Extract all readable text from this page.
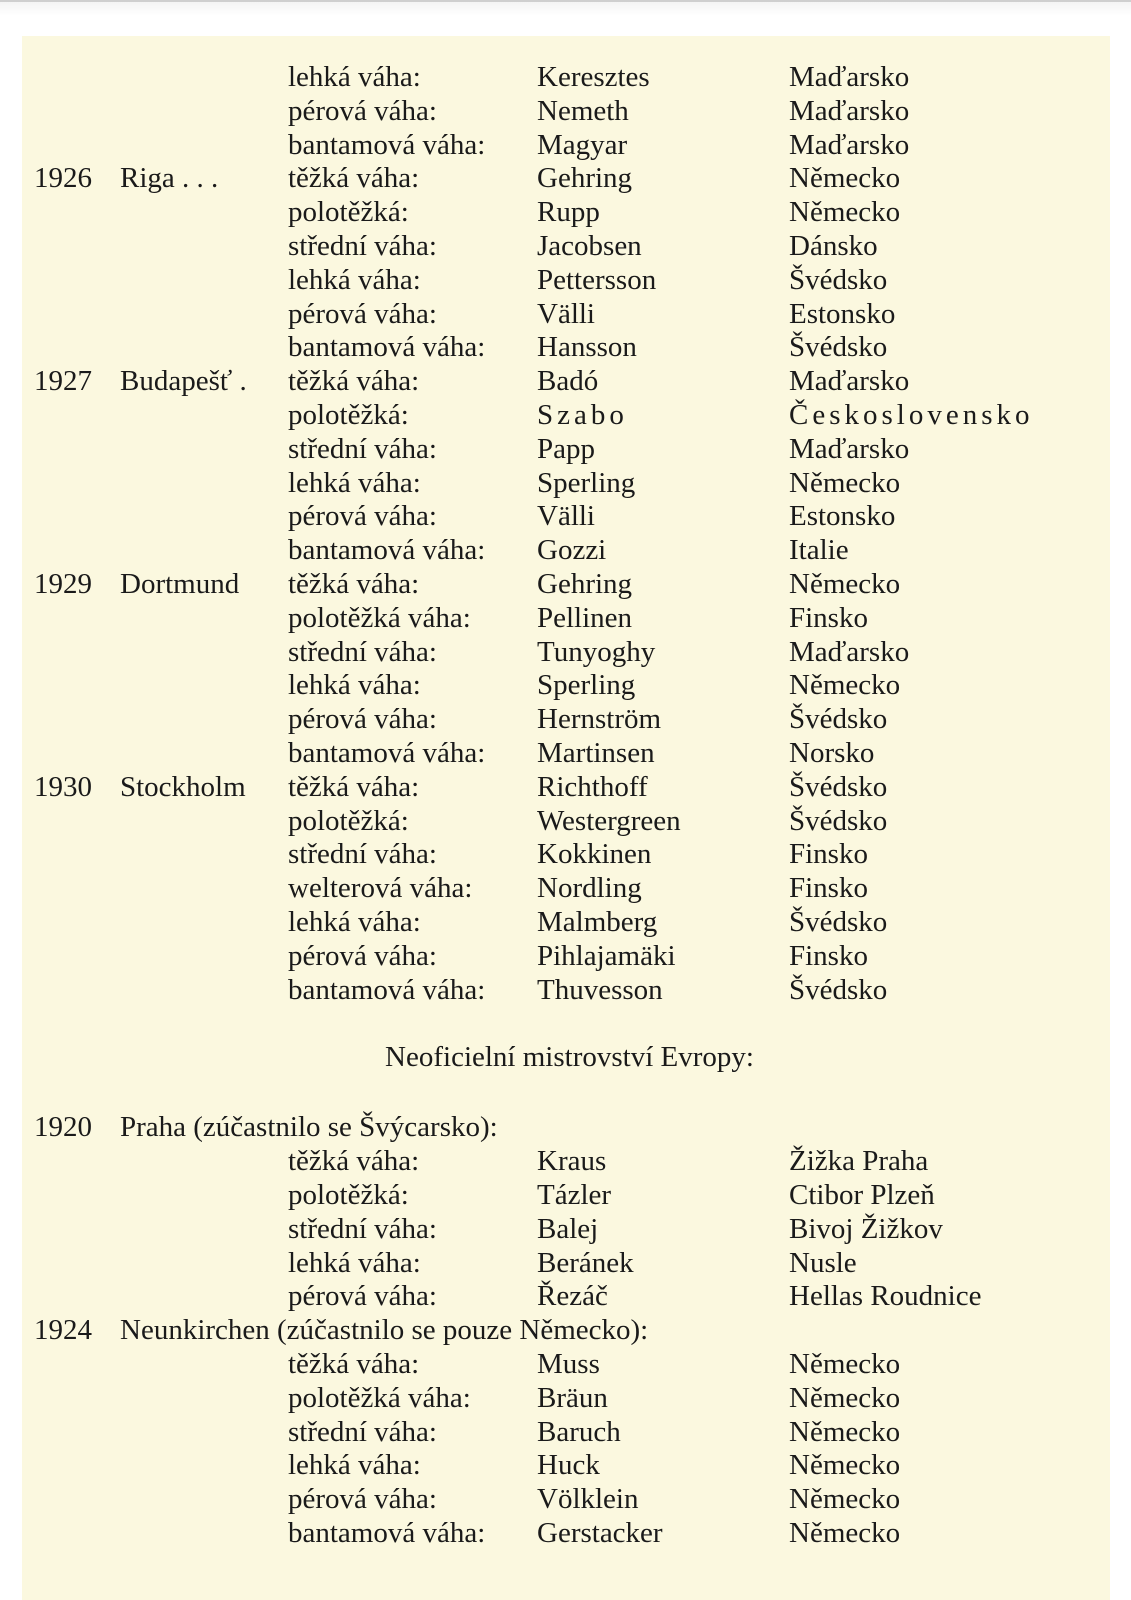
Neoficielní mistrovství Evropy:
lehká váha:	Keresztes	Maďarsko
pérová váha:	Nemeth	Maďarsko
bantamová váha: Magyar	Maďarsko
1926 Riga . . . těžká váha:	Gehring	Německo
polotěžká:	Rupp	Německo
střední váha:	Jacobsen	Dánsko
lehká váha:	Pettersson	Švédsko
pérová váha:	Välli	Estonsko
bantamová váha: Hansson	Švédsko
1927 Budapešť . těžká váha:	Badó	Maďarsko
polotěžká:	Szabo	Československo
střední váha:	Papp	Maďarsko
lehká váha:	Sperling	Německo
pérová váha:	Välli	Estonsko
bantamová váha: Gozzi	Italie
1929 Dortmund těžká váha:	Gehring	Německo
polotěžká váha: Pellinen	Finsko
střední váha:	Tunyoghy	Maďarsko
lehká váha:	Sperling	Německo
pérová váha:	Hernström	Švédsko
bantamová váha: Martinsen	Norsko
1930 Stockholm těžká váha:	Richthoff	Švédsko
polotěžká:	Westergreen	Švédsko
střední váha:	Kokkinen	Finsko
welterová váha: Nordling	Finsko
lehká váha:	Malmberg	Švédsko
pérová váha:	Pihlajamäki	Finsko
bantamová váha: Thuvesson	Švédsko
1920 Praha (zúčastnilo se Švýcarsko):
těžká váha:	Kraus	Žižka Praha
polotěžká:	Tázler	Ctibor Plzeň
střední váha:	Balej	Bivoj Žižkov
lehká váha:	Beránek	Nusle
pérová váha:	Řezáč	Hellas Roudnice
1924 Neunkirchen (zúčastnilo se pouze Německo):
těžká váha:	Muss	Německo
polotěžká váha: Bräun	Německo
střední váha:	Baruch	Německo
lehká váha:	Huck	Německo
pérová váha:	Völklein	Německo
bantamová váha: Gerstacker	Německo
